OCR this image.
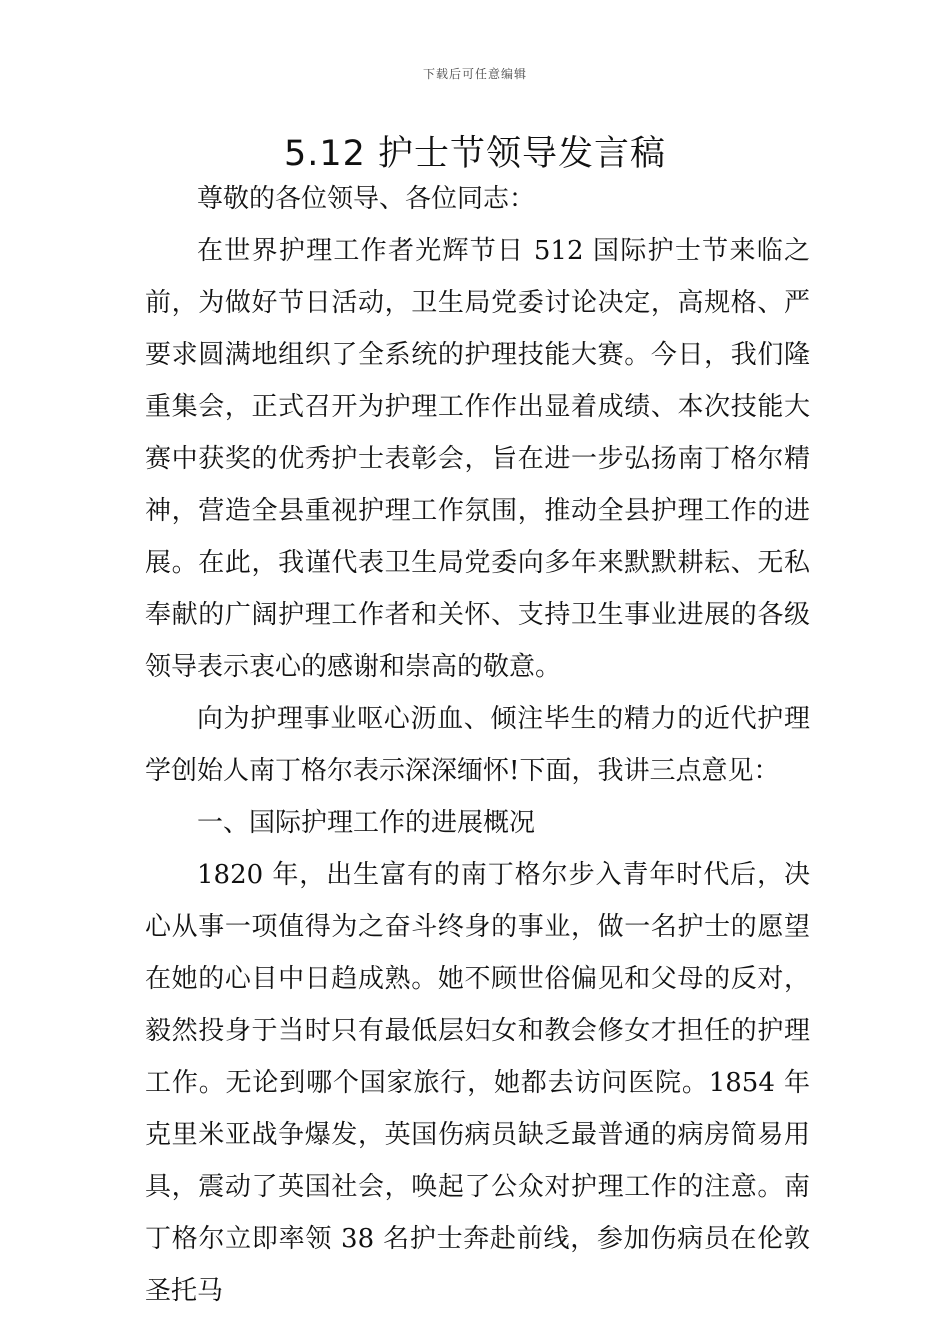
下载后可任意编辑
5.12 护士节领导发言稿

尊敬的各位领导、各位同志：

在世界护理工作者光辉节日 512 国际护士节来临之前，为做好节日活动，卫生局党委讨论决定，高规格、严要求圆满地组织了全系统的护理技能大赛。今日，我们隆重集会，正式召开为护理工作作出显着成绩、本次技能大赛中获奖的优秀护士表彰会，旨在进一步弘扬南丁格尔精神，营造全县重视护理工作氛围，推动全县护理工作的进展。在此，我谨代表卫生局党委向多年来默默耕耘、无私奉献的广阔护理工作者和关怀、支持卫生事业进展的各级领导表示衷心的感谢和崇高的敬意。

向为护理事业呕心沥血、倾注毕生的精力的近代护理学创始人南丁格尔表示深深缅怀!下面，我讲三点意见：

一、国际护理工作的进展概况

1820 年，出生富有的南丁格尔步入青年时代后，决心从事一项值得为之奋斗终身的事业，做一名护士的愿望在她的心目中日趋成熟。她不顾世俗偏见和父母的反对，毅然投身于当时只有最低层妇女和教会修女才担任的护理工作。无论到哪个国家旅行，她都去访问医院。1854 年克里米亚战争爆发，英国伤病员缺乏最普通的病房简易用具，震动了英国社会，唤起了公众对护理工作的注意。南丁格尔立即率领 38 名护士奔赴前线，参加伤病员在伦敦圣托马
